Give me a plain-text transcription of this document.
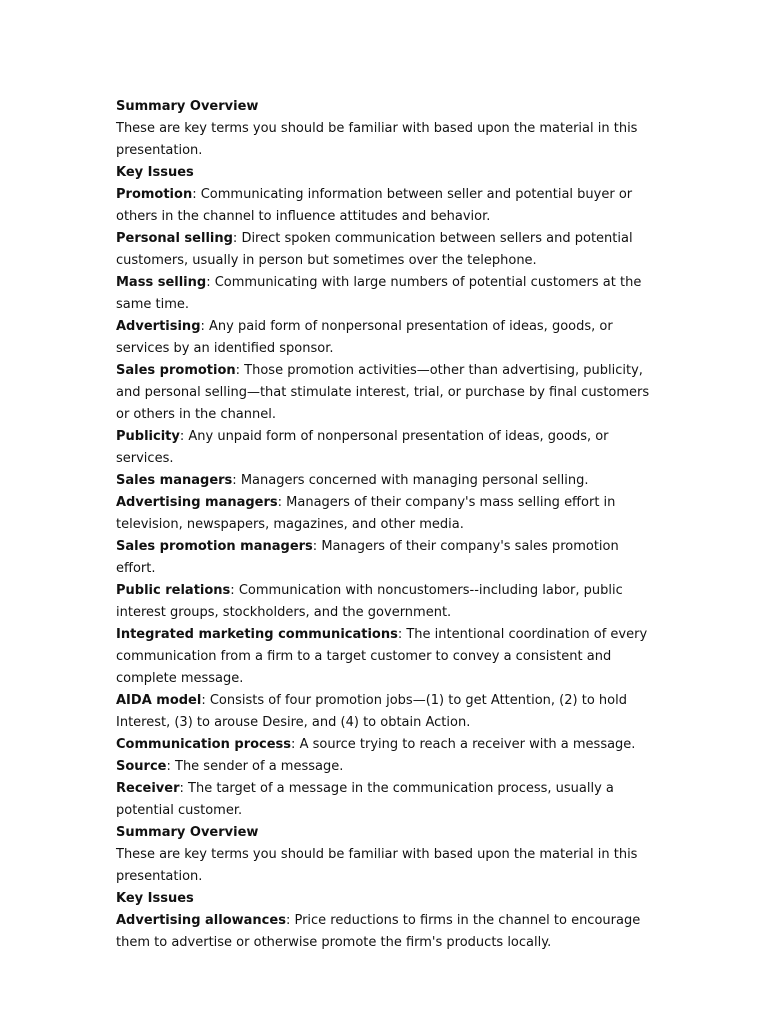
Summary Overview

These are key terms you should be familiar with based upon the material in this presentation.

Key Issues

Promotion: Communicating information between seller and potential buyer or others in the channel to influence attitudes and behavior.

Personal selling: Direct spoken communication between sellers and potential customers, usually in person but sometimes over the telephone.

Mass selling: Communicating with large numbers of potential customers at the same time.

Advertising: Any paid form of nonpersonal presentation of ideas, goods, or services by an identified sponsor.

Sales promotion: Those promotion activities—other than advertising, publicity, and personal selling—that stimulate interest, trial, or purchase by final customers or others in the channel.

Publicity: Any unpaid form of nonpersonal presentation of ideas, goods, or services.

Sales managers: Managers concerned with managing personal selling.

Advertising managers: Managers of their company's mass selling effort in television, newspapers, magazines, and other media.

Sales promotion managers: Managers of their company's sales promotion effort.

Public relations: Communication with noncustomers--including labor, public interest groups, stockholders, and the government.

Integrated marketing communications: The intentional coordination of every communication from a firm to a target customer to convey a consistent and complete message.

AIDA model: Consists of four promotion jobs—(1) to get Attention, (2) to hold Interest, (3) to arouse Desire, and (4) to obtain Action.

Communication process: A source trying to reach a receiver with a message.

Source: The sender of a message.

Receiver: The target of a message in the communication process, usually a potential customer.

Summary Overview

These are key terms you should be familiar with based upon the material in this presentation.

Key Issues

Advertising allowances: Price reductions to firms in the channel to encourage them to advertise or otherwise promote the firm's products locally.
